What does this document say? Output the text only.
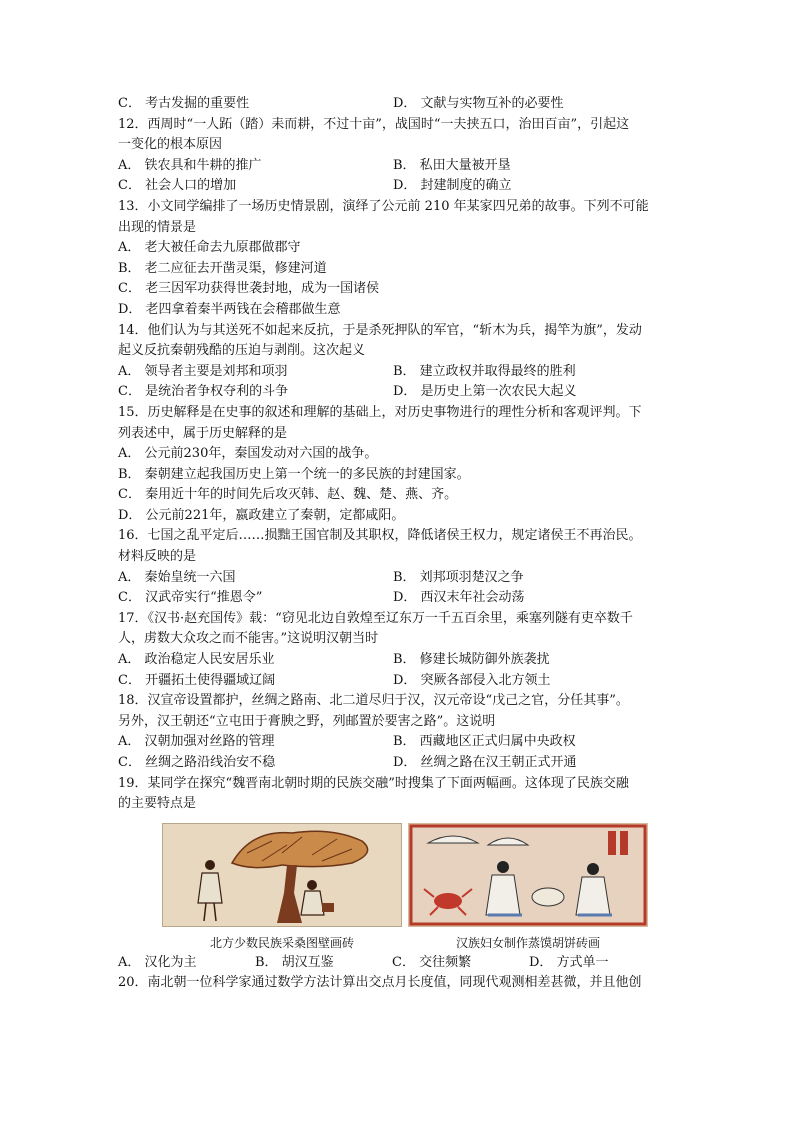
C． 考古发掘的重要性	D． 文献与实物互补的必要性
12．西周时“一人跖（踏）耒而耕，不过十亩”，战国时“一夫挟五口，治田百亩”，引起这
一变化的根本原因
A． 铁农具和牛耕的推广	B． 私田大量被开垦
C． 社会人口的增加	D． 封建制度的确立
13．小文同学编排了一场历史情景剧，演绎了公元前 210 年某家四兄弟的故事。下列不可能
出现的情景是
A． 老大被任命去九原郡做郡守
B． 老二应征去开凿灵渠，修建河道
C． 老三因军功获得世袭封地，成为一国诸侯
D． 老四拿着秦半两钱在会稽郡做生意
14．他们认为与其送死不如起来反抗，于是杀死押队的军官，“斩木为兵，揭竿为旗”，发动
起义反抗秦朝残酷的压迫与剥削。这次起义
A． 领导者主要是刘邦和项羽	B． 建立政权并取得最终的胜利
C． 是统治者争权夺利的斗争	D． 是历史上第一次农民大起义
15．历史解释是在史事的叙述和理解的基础上，对历史事物进行的理性分析和客观评判。下
列表述中，属于历史解释的是
A． 公元前230年，秦国发动对六国的战争。
B． 秦朝建立起我国历史上第一个统一的多民族的封建国家。
C． 秦用近十年的时间先后攻灭韩、赵、魏、楚、燕、齐。
D． 公元前221年，嬴政建立了秦朝，定都咸阳。
16．七国之乱平定后……损黜王国官制及其职权，降低诸侯王权力，规定诸侯王不再治民。
材料反映的是
A． 秦始皇统一六国	B． 刘邦项羽楚汉之争
C． 汉武帝实行“推恩令”	D． 西汉末年社会动荡
17．《汉书·赵充国传》载：“窃见北边自敦煌至辽东万一千五百余里，乘塞列隧有吏卒数千
人，虏数大众攻之而不能害。”这说明汉朝当时
A． 政治稳定人民安居乐业	B． 修建长城防御外族袭扰
C． 开疆拓土使得疆域辽阔	D． 突厥各部侵入北方领土
18．汉宣帝设置都护，丝绸之路南、北二道尽归于汉，汉元帝设“戊己之官，分任其事”。
另外，汉王朝还“立屯田于膏腴之野，列邮置於要害之路”。这说明
A． 汉朝加强对丝路的管理	B． 西藏地区正式归属中央政权
C． 丝绸之路沿线治安不稳	D． 丝绸之路在汉王朝正式开通
19．某同学在探究“魏晋南北朝时期的民族交融”时搜集了下面两幅画。这体现了民族交融
的主要特点是
北方少数民族采桑图壁画砖	汉族妇女制作蒸馍胡饼砖画
A． 汉化为主	B． 胡汉互鉴	C． 交往频繁	D． 方式单一
20．南北朝一位科学家通过数学方法计算出交点月长度值，同现代观测相差甚微，并且他创
